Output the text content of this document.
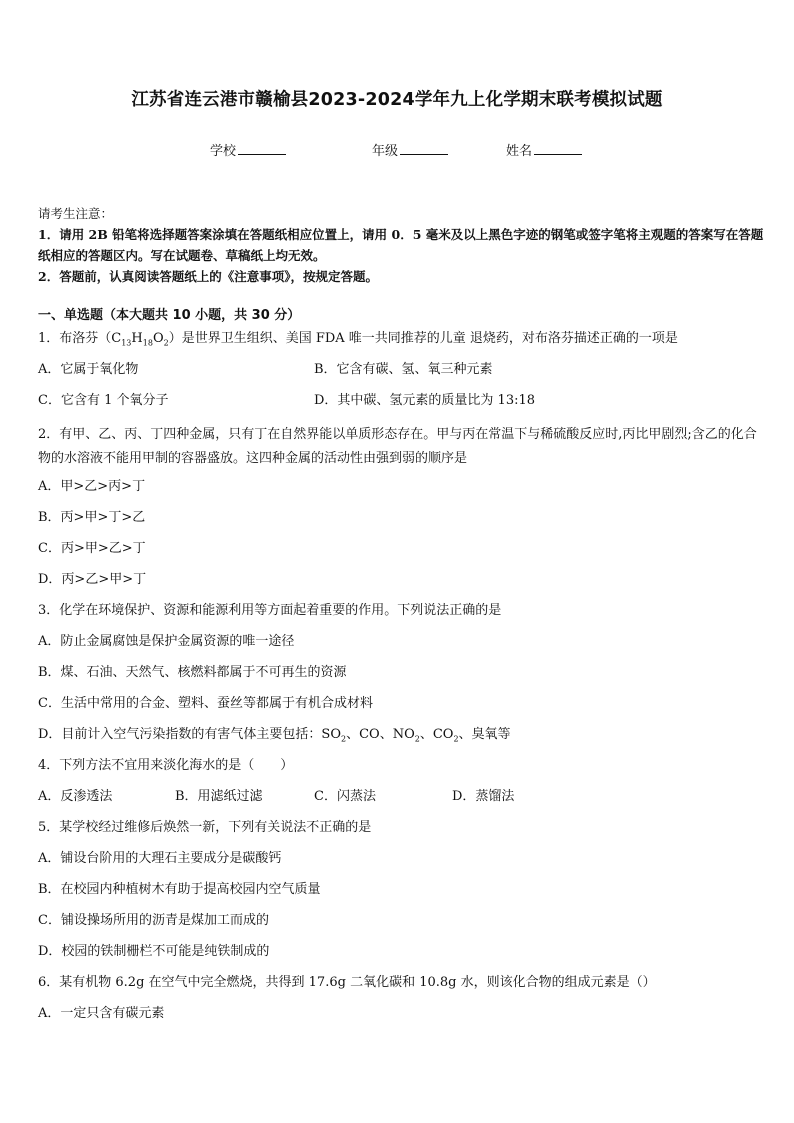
江苏省连云港市赣榆县2023-2024学年九上化学期末联考模拟试题
学校	年级	姓名
请考生注意：
1．请用 2B 铅笔将选择题答案涂填在答题纸相应位置上，请用 0．5 毫米及以上黑色字迹的钢笔或签字笔将主观题的答案写在答题纸相应的答题区内。写在试题卷、草稿纸上均无效。
2．答题前，认真阅读答题纸上的《注意事项》，按规定答题。
一、单选题（本大题共 10 小题，共 30 分）
1．布洛芬$(C_{13}H_{18}O_2)$是世界卫生组织、美国 FDA 唯一共同推荐的儿童 退烧药，对布洛芬描述正确的一项是
A．它属于氧化物	B．它含有碳、氢、氧三种元素
C．它含有 1 个氧分子	D．其中碳、氢元素的质量比为 13:18
2．有甲、乙、丙、丁四种金属，只有丁在自然界能以单质形态存在。甲与丙在常温下与稀硫酸反应时,丙比甲剧烈;含乙的化合物的水溶液不能用甲制的容器盛放。这四种金属的活动性由强到弱的顺序是
A．甲>乙>丙>丁
B．丙>甲>丁>乙
C．丙>甲>乙>丁
D．丙>乙>甲>丁
3．化学在环境保护、资源和能源利用等方面起着重要的作用。下列说法正确的是
A．防止金属腐蚀是保护金属资源的唯一途径
B．煤、石油、天然气、核燃料都属于不可再生的资源
C．生活中常用的合金、塑料、蚕丝等都属于有机合成材料
D．目前计入空气污染指数的有害气体主要包括：$SO_2$、CO、$NO_2$、$CO_2$、臭氧等
4．下列方法不宜用来淡化海水的是（　　）
A．反渗透法	B．用滤纸过滤	C．闪蒸法	D．蒸馏法
5．某学校经过维修后焕然一新，下列有关说法不正确的是
A．铺设台阶用的大理石主要成分是碳酸钙
B．在校园内种植树木有助于提高校园内空气质量
C．铺设操场所用的沥青是煤加工而成的
D．校园的铁制栅栏不可能是纯铁制成的
6．某有机物 6.2g 在空气中完全燃烧，共得到 17.6g 二氧化碳和 10.8g 水，则该化合物的组成元素是（）
A．一定只含有碳元素
